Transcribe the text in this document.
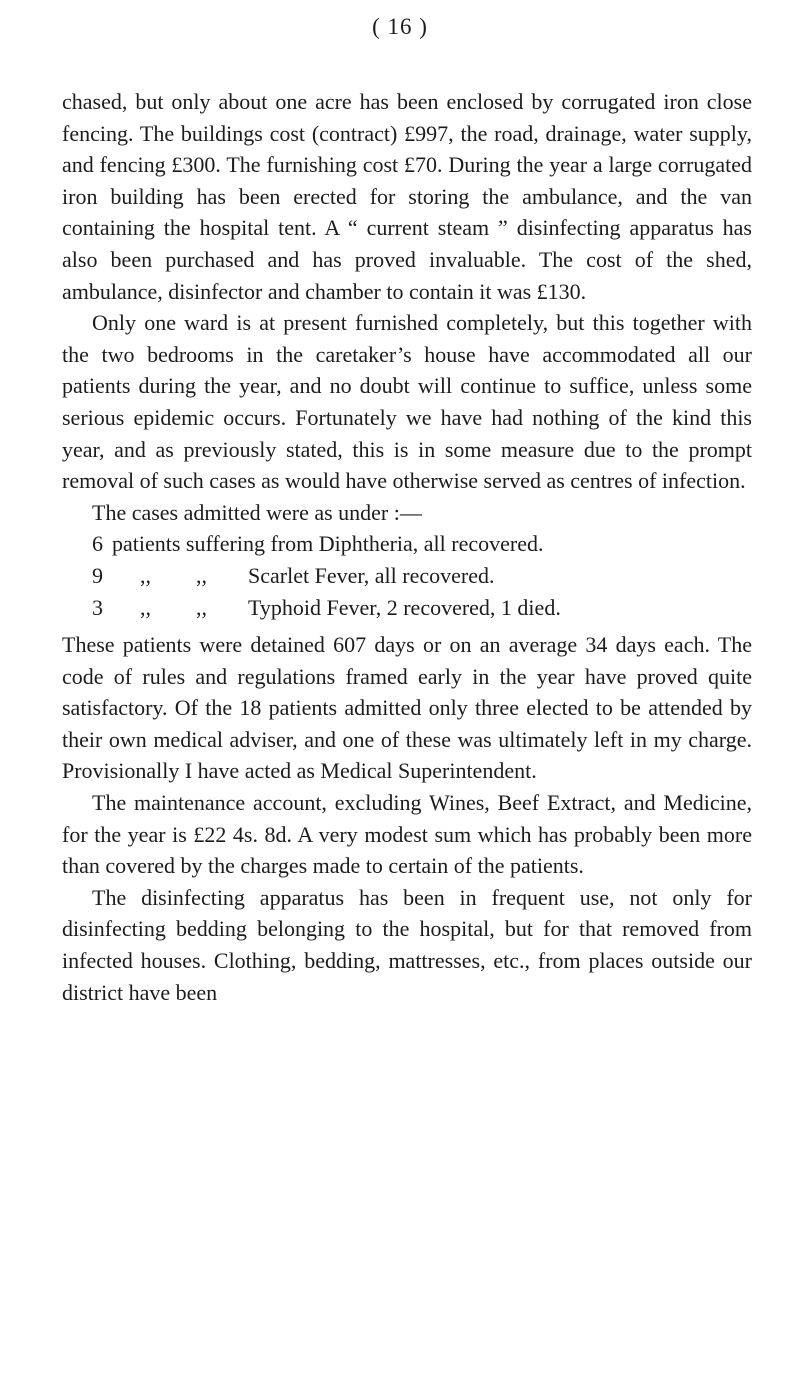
( 16 )

chased, but only about one acre has been enclosed by corrugated iron close fencing. The buildings cost (contract) £997, the road, drainage, water supply, and fencing £300. The furnishing cost £70. During the year a large corrugated iron building has been erected for storing the ambulance, and the van containing the hospital tent. A “ current steam ” disinfecting apparatus has also been purchased and has proved invaluable. The cost of the shed, ambulance, disinfector and chamber to contain it was £130.

Only one ward is at present furnished completely, but this together with the two bedrooms in the caretaker’s house have accommodated all our patients during the year, and no doubt will continue to suffice, unless some serious epidemic occurs. Fortunately we have had nothing of the kind this year, and as previously stated, this is in some measure due to the prompt removal of such cases as would have otherwise served as centres of infection.

The cases admitted were as under :—

6 patients suffering from Diphtheria, all recovered.
9	,,	,,	Scarlet Fever, all recovered.
3	,,	,,	Typhoid Fever, 2 recovered, 1 died.

These patients were detained 607 days or on an average 34 days each. The code of rules and regulations framed early in the year have proved quite satisfactory. Of the 18 patients admitted only three elected to be attended by their own medical adviser, and one of these was ultimately left in my charge. Provisionally I have acted as Medical Superintendent.

The maintenance account, excluding Wines, Beef Extract, and Medicine, for the year is £22 4s. 8d. A very modest sum which has probably been more than covered by the charges made to certain of the patients.

The disinfecting apparatus has been in frequent use, not only for disinfecting bedding belonging to the hospital, but for that removed from infected houses. Clothing, bedding, mattresses, etc., from places outside our district have been
